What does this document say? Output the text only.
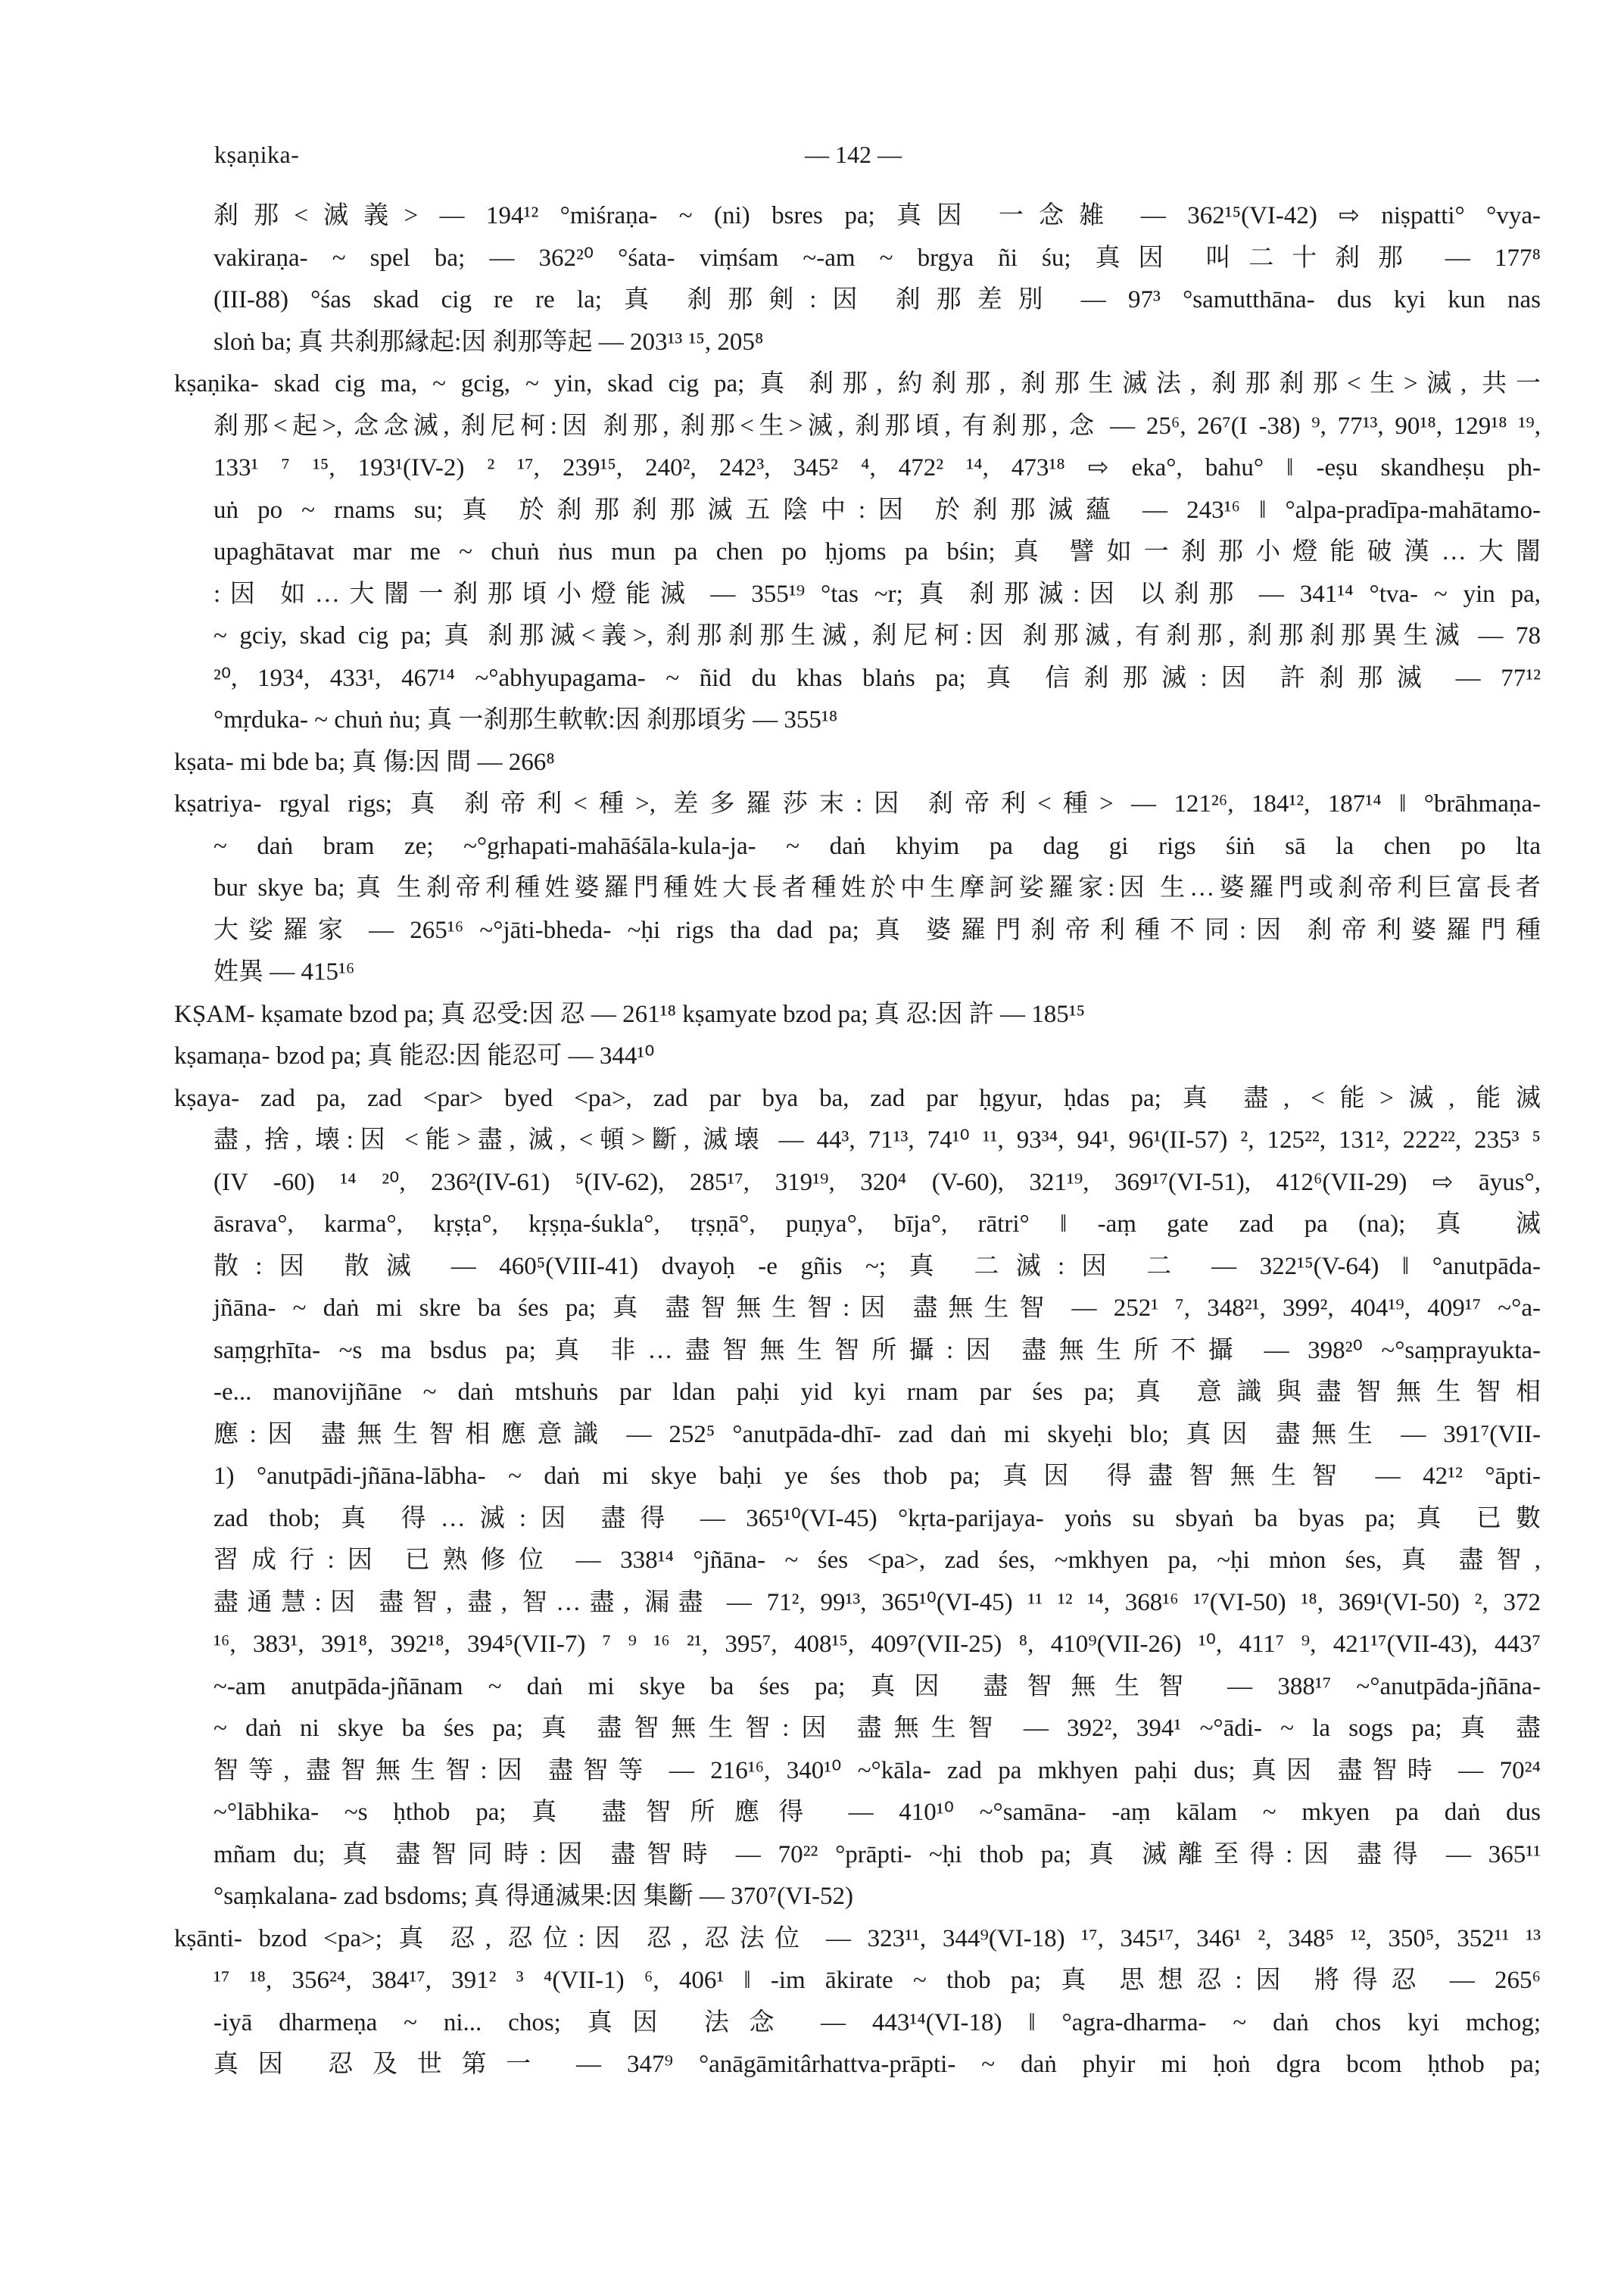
kṣaṇika-	— 142 —
刹那<滅義> — 194¹² °miśraṇa- ~ (ni) bsres pa; 真因 一念雑 — 362¹⁵(VI-42) ⇨ niṣpatti° °vya-
vakiraṇa- ~ spel ba; — 362²⁰ °śata- viṃśam ~-am ~ brgya ñi śu; 真因 叫二十刹那 — 177⁸
(III-88) °śas skad cig re re la; 真 刹那剣:因 刹那差別 — 97³ °samutthāna- dus kyi kun nas
sloṅ ba; 真 共刹那縁起:因 刹那等起 — 203¹³ ¹⁵, 205⁸
kṣaṇika- skad cig ma, ~ gcig, ~ yin, skad cig pa; 真 刹那, 約刹那, 刹那生滅法, 刹那刹那<生>滅, 共一
刹那<起>, 念念滅, 刹尼柯:因 刹那, 刹那<生>滅, 刹那頃, 有刹那, 念 — 25⁶, 26⁷(I -38) ⁹, 77¹³, 90¹⁸, 129¹⁸ ¹⁹,
133¹ ⁷ ¹⁵, 193¹(IV-2) ² ¹⁷, 239¹⁵, 240², 242³, 345² ⁴, 472² ¹⁴, 473¹⁸ ⇨ eka°, bahu° ‖ -eṣu skandheṣu ph-
uṅ po ~ rnams su; 真 於刹那刹那滅五陰中:因 於刹那滅蘊 — 243¹⁶ ‖ °alpa-pradīpa-mahātamo-
upaghātavat mar me ~ chuṅ ṅus mun pa chen po ḥjoms pa bśin; 真 譬如一刹那小燈能破漢…大闇
:因 如…大闇一刹那頃小燈能滅 — 355¹⁹ °tas ~r; 真 刹那滅:因 以刹那 — 341¹⁴ °tva- ~ yin pa,
~ gciy, skad cig pa; 真 刹那滅<義>, 刹那刹那生滅, 刹尼柯:因 刹那滅, 有刹那, 刹那刹那異生滅 — 78
²⁰, 193⁴, 433¹, 467¹⁴ ~°abhyupagama- ~ ñid du khas blaṅs pa; 真 信刹那滅:因 許刹那滅 — 77¹²
°mṛduka- ~ chuṅ ṅu; 真 一刹那生軟軟:因 刹那頃劣 — 355¹⁸
kṣata- mi bde ba; 真 傷:因 間 — 266⁸
kṣatriya- rgyal rigs; 真 刹帝利<種>, 差多羅莎末:因 刹帝利<種> — 121²⁶, 184¹², 187¹⁴ ‖ °brāhmaṇa-
~ daṅ bram ze; ~°gṛhapati-mahāśāla-kula-ja- ~ daṅ khyim pa dag gi rigs śiṅ sā la chen po lta
bur skye ba; 真 生刹帝利種姓婆羅門種姓大長者種姓於中生摩訶娑羅家:因 生…婆羅門或刹帝利巨富長者
大娑羅家 — 265¹⁶ ~°jāti-bheda- ~ḥi rigs tha dad pa; 真 婆羅門刹帝利種不同:因 刹帝利婆羅門種
姓異 — 415¹⁶
KṢAM- kṣamate bzod pa; 真 忍受:因 忍 — 261¹⁸ kṣamyate bzod pa; 真 忍:因 許 — 185¹⁵
kṣamaṇa- bzod pa; 真 能忍:因 能忍可 — 344¹⁰
kṣaya- zad pa, zad <par> byed <pa>, zad par bya ba, zad par ḥgyur, ḥdas pa; 真 盡, <能>滅, 能滅
盡, 捨, 壊:因 <能>盡, 滅, <頓>斷, 滅壊 — 44³, 71¹³, 74¹⁰ ¹¹, 93³⁴, 94¹, 96¹(II-57) ², 125²², 131², 222²², 235³ ⁵
(IV -60) ¹⁴ ²⁰, 236²(IV-61) ⁵(IV-62), 285¹⁷, 319¹⁹, 320⁴ (V-60), 321¹⁹, 369¹⁷(VI-51), 412⁶(VII-29) ⇨ āyus°,
āsrava°, karma°, kṛṣṭa°, kṛṣṇa-śukla°, tṛṣṇā°, puṇya°, bīja°, rātri° ‖ -aṃ gate zad pa (na); 真 滅
散:因 散滅 — 460⁵(VIII-41) dvayoḥ -e gñis ~; 真 二滅:因 二 — 322¹⁵(V-64) ‖ °anutpāda-
jñāna- ~ daṅ mi skre ba śes pa; 真 盡智無生智:因 盡無生智 — 252¹ ⁷, 348²¹, 399², 404¹⁹, 409¹⁷ ~°a-
saṃgṛhīta- ~s ma bsdus pa; 真 非…盡智無生智所攝:因 盡無生所不攝 — 398²⁰ ~°saṃprayukta-
-e... manovijñāne ~ daṅ mtshuṅs par ldan paḥi yid kyi rnam par śes pa; 真 意識與盡智無生智相
應:因 盡無生智相應意識 — 252⁵ °anutpāda-dhī- zad daṅ mi skyeḥi blo; 真因 盡無生 — 391⁷(VII-
1) °anutpādi-jñāna-lābha- ~ daṅ mi skye baḥi ye śes thob pa; 真因 得盡智無生智 — 42¹² °āpti-
zad thob; 真 得…滅:因 盡得 — 365¹⁰(VI-45) °kṛta-parijaya- yoṅs su sbyaṅ ba byas pa; 真 已數
習成行:因 已熟修位 — 338¹⁴ °jñāna- ~ śes <pa>, zad śes, ~mkhyen pa, ~ḥi mṅon śes, 真 盡智,
盡通慧:因 盡智, 盡, 智…盡, 漏盡 — 71², 99¹³, 365¹⁰(VI-45) ¹¹ ¹² ¹⁴, 368¹⁶ ¹⁷(VI-50) ¹⁸, 369¹(VI-50) ², 372
¹⁶, 383¹, 391⁸, 392¹⁸, 394⁵(VII-7) ⁷ ⁹ ¹⁶ ²¹, 395⁷, 408¹⁵, 409⁷(VII-25) ⁸, 410⁹(VII-26) ¹⁰, 411⁷ ⁹, 421¹⁷(VII-43), 443⁷
~-am anutpāda-jñānam ~ daṅ mi skye ba śes pa; 真因 盡智無生智 — 388¹⁷ ~°anutpāda-jñāna-
~ daṅ ni skye ba śes pa; 真 盡智無生智:因 盡無生智 — 392², 394¹ ~°ādi- ~ la sogs pa; 真 盡
智等, 盡智無生智:因 盡智等 — 216¹⁶, 340¹⁰ ~°kāla- zad pa mkhyen paḥi dus; 真因 盡智時 — 70²⁴
~°lābhika- ~s ḥthob pa; 真 盡智所應得 — 410¹⁰ ~°samāna- -aṃ kālam ~ mkyen pa daṅ dus
mñam du; 真 盡智同時:因 盡智時 — 70²² °prāpti- ~ḥi thob pa; 真 滅離至得:因 盡得 — 365¹¹
°saṃkalana- zad bsdoms; 真 得通滅果:因 集斷 — 370⁷(VI-52)
kṣānti- bzod <pa>; 真 忍, 忍位:因 忍, 忍法位 — 323¹¹, 344⁹(VI-18) ¹⁷, 345¹⁷, 346¹ ², 348⁵ ¹², 350⁵, 352¹¹ ¹³
¹⁷ ¹⁸, 356²⁴, 384¹⁷, 391² ³ ⁴(VII-1) ⁶, 406¹ ‖ -im ākirate ~ thob pa; 真 思想忍:因 將得忍 — 265⁶
-iyā dharmeṇa ~ ni... chos; 真因 法念 — 443¹⁴(VI-18) ‖ °agra-dharma- ~ daṅ chos kyi mchog;
真因 忍及世第一 — 347⁹ °anāgāmitârhattva-prāpti- ~ daṅ phyir mi ḥoṅ dgra bcom ḥthob pa;
